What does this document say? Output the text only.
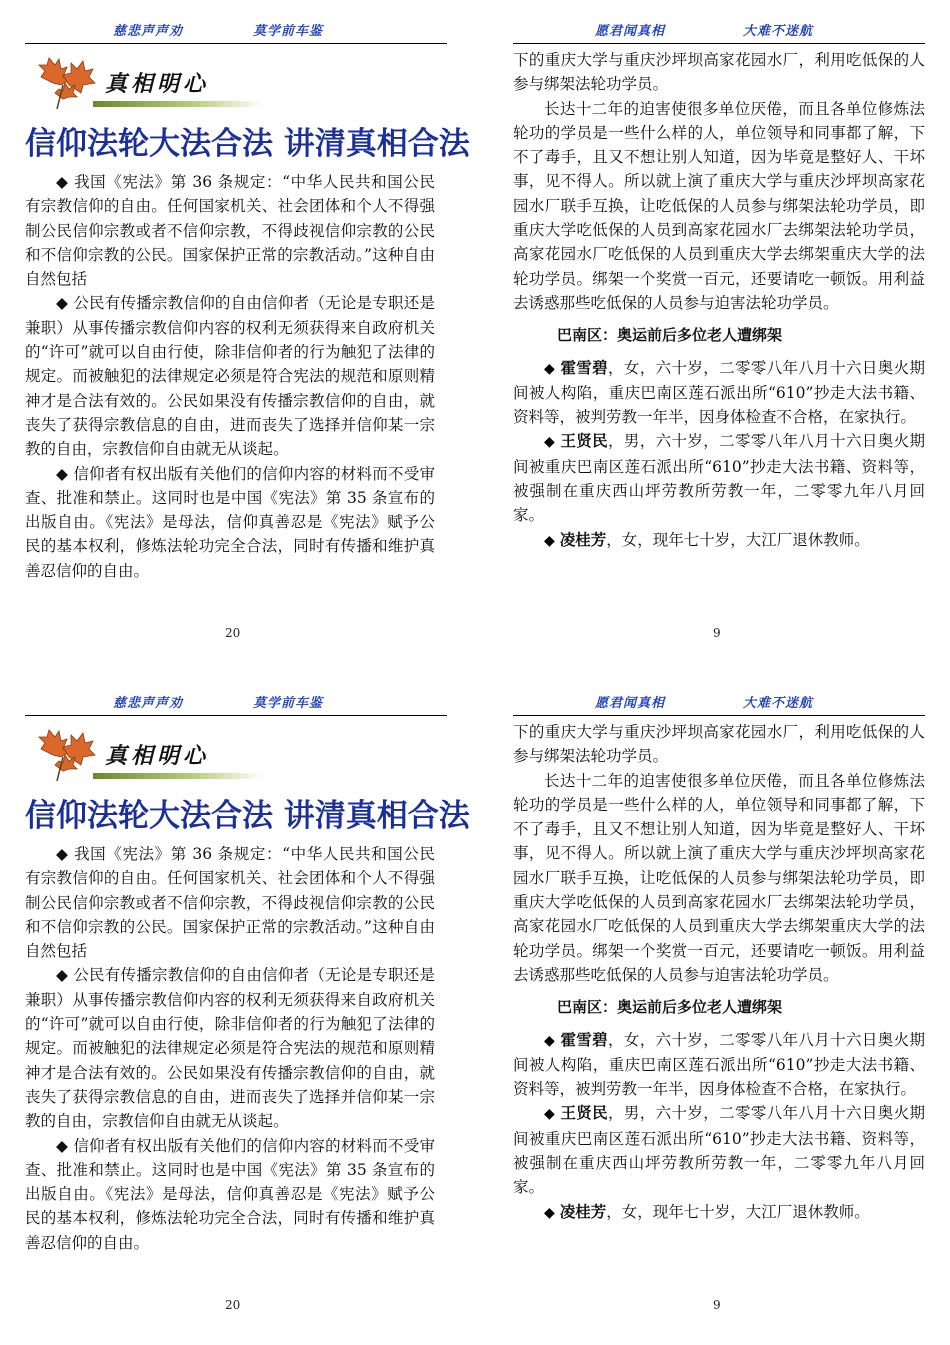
慈悲声声劝	莫学前车鉴
真相明心
信仰法轮大法合法 讲清真相合法

◆ 我国《宪法》第 36 条规定：“中华人民共和国公民有宗教信仰的自由。任何国家机关、社会团体和个人不得强制公民信仰宗教或者不信仰宗教，不得歧视信仰宗教的公民和不信仰宗教的公民。国家保护正常的宗教活动。”这种自由自然包括

◆ 公民有传播宗教信仰的自由信仰者（无论是专职还是兼职）从事传播宗教信仰内容的权利无须获得来自政府机关的“许可”就可以自由行使，除非信仰者的行为触犯了法律的规定。而被触犯的法律规定必须是符合宪法的规范和原则精神才是合法有效的。公民如果没有传播宗教信仰的自由，就丧失了获得宗教信息的自由，进而丧失了选择并信仰某一宗教的自由，宗教信仰自由就无从谈起。

◆ 信仰者有权出版有关他们的信仰内容的材料而不受审查、批准和禁止。这同时也是中国《宪法》第 35 条宣布的出版自由。《宪法》是母法，信仰真善忍是《宪法》赋予公民的基本权利，修炼法轮功完全合法，同时有传播和维护真善忍信仰的自由。

20
愿君闻真相	大难不迷航

下的重庆大学与重庆沙坪坝高家花园水厂，利用吃低保的人参与绑架法轮功学员。

长达十二年的迫害使很多单位厌倦，而且各单位修炼法轮功的学员是一些什么样的人，单位领导和同事都了解，下不了毒手，且又不想让别人知道，因为毕竟是整好人、干坏事，见不得人。所以就上演了重庆大学与重庆沙坪坝高家花园水厂联手互换，让吃低保的人员参与绑架法轮功学员，即重庆大学吃低保的人员到高家花园水厂去绑架法轮功学员，高家花园水厂吃低保的人员到重庆大学去绑架重庆大学的法轮功学员。绑架一个奖赏一百元，还要请吃一顿饭。用利益去诱惑那些吃低保的人员参与迫害法轮功学员。

巴南区：奥运前后多位老人遭绑架

◆ 霍雪碧，女，六十岁，二零零八年八月十六日奥火期间被人构陷，重庆巴南区莲石派出所“610”抄走大法书籍、资料等，被判劳教一年半，因身体检查不合格，在家执行。

◆ 王贤民，男，六十岁，二零零八年八月十六日奥火期间被重庆巴南区莲石派出所“610”抄走大法书籍、资料等，被强制在重庆西山坪劳教所劳教一年，二零零九年八月回家。

◆ 凌桂芳，女，现年七十岁，大江厂退休教师。

9
慈悲声声劝	莫学前车鉴
真相明心
信仰法轮大法合法 讲清真相合法

◆ 我国《宪法》第 36 条规定：“中华人民共和国公民有宗教信仰的自由。任何国家机关、社会团体和个人不得强制公民信仰宗教或者不信仰宗教，不得歧视信仰宗教的公民和不信仰宗教的公民。国家保护正常的宗教活动。”这种自由自然包括

◆ 公民有传播宗教信仰的自由信仰者（无论是专职还是兼职）从事传播宗教信仰内容的权利无须获得来自政府机关的“许可”就可以自由行使，除非信仰者的行为触犯了法律的规定。而被触犯的法律规定必须是符合宪法的规范和原则精神才是合法有效的。公民如果没有传播宗教信仰的自由，就丧失了获得宗教信息的自由，进而丧失了选择并信仰某一宗教的自由，宗教信仰自由就无从谈起。

◆ 信仰者有权出版有关他们的信仰内容的材料而不受审查、批准和禁止。这同时也是中国《宪法》第 35 条宣布的出版自由。《宪法》是母法，信仰真善忍是《宪法》赋予公民的基本权利，修炼法轮功完全合法，同时有传播和维护真善忍信仰的自由。

20
愿君闻真相	大难不迷航

下的重庆大学与重庆沙坪坝高家花园水厂，利用吃低保的人参与绑架法轮功学员。

长达十二年的迫害使很多单位厌倦，而且各单位修炼法轮功的学员是一些什么样的人，单位领导和同事都了解，下不了毒手，且又不想让别人知道，因为毕竟是整好人、干坏事，见不得人。所以就上演了重庆大学与重庆沙坪坝高家花园水厂联手互换，让吃低保的人员参与绑架法轮功学员，即重庆大学吃低保的人员到高家花园水厂去绑架法轮功学员，高家花园水厂吃低保的人员到重庆大学去绑架重庆大学的法轮功学员。绑架一个奖赏一百元，还要请吃一顿饭。用利益去诱惑那些吃低保的人员参与迫害法轮功学员。

巴南区：奥运前后多位老人遭绑架

◆ 霍雪碧，女，六十岁，二零零八年八月十六日奥火期间被人构陷，重庆巴南区莲石派出所“610”抄走大法书籍、资料等，被判劳教一年半，因身体检查不合格，在家执行。

◆ 王贤民，男，六十岁，二零零八年八月十六日奥火期间被重庆巴南区莲石派出所“610”抄走大法书籍、资料等，被强制在重庆西山坪劳教所劳教一年，二零零九年八月回家。

◆ 凌桂芳，女，现年七十岁，大江厂退休教师。

9
